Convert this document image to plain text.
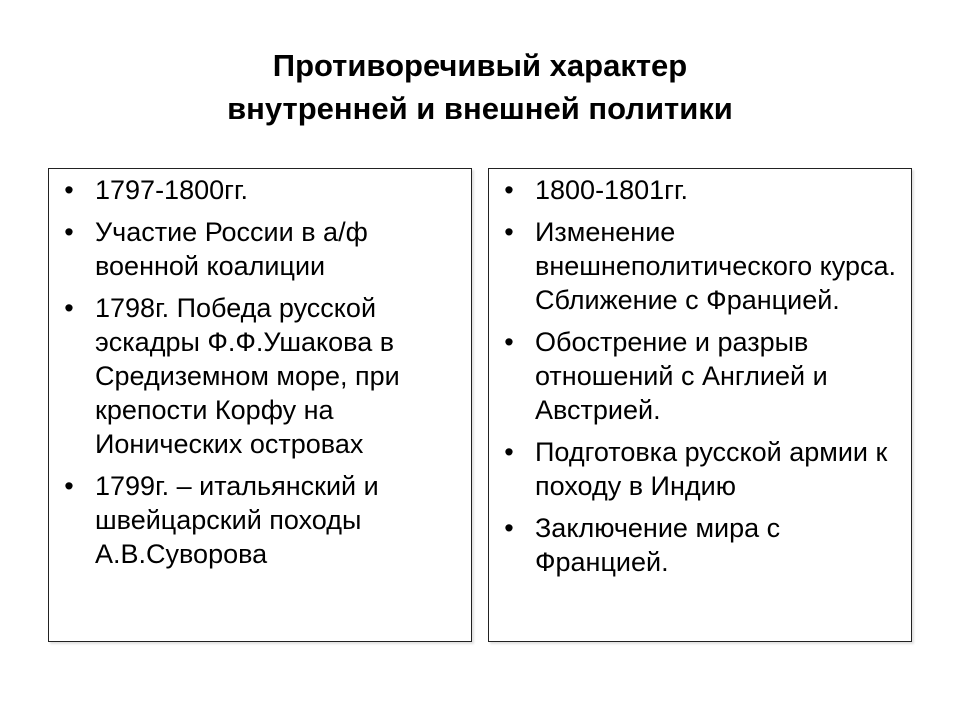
Противоречивый характер
внутренней и внешней политики
• 1797-1800гг.
• Участие России в а/ф военной коалиции
• 1798г. Победа русской эскадры Ф.Ф.Ушакова в Средиземном море, при крепости Корфу на Ионических островах
• 1799г. – итальянский и швейцарский походы А.В.Суворова
• 1800-1801гг.
• Изменение внешнеполитического курса. Сближение с Францией.
• Обострение и разрыв отношений с Англией и Австрией.
• Подготовка русской армии к походу в Индию
• Заключение мира с Францией.
